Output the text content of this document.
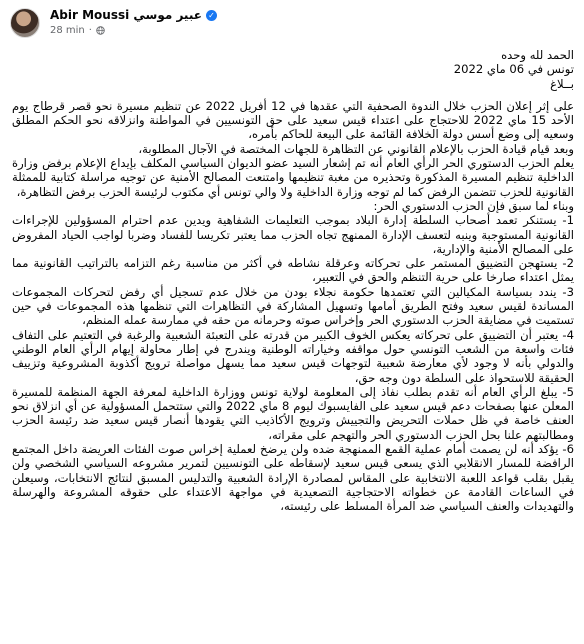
Abir Moussi عبير موسي ✓
28 min ·

الحمد لله وحده

تونس في 06 ماي 2022

بــلاغ

على إثر إعلان الحزب خلال الندوة الصحفية التي عقدها في 12 أفريل 2022 عن تنظيم مسيرة نحو قصر قرطاج يوم الأحد 15 ماي 2022 للاحتجاج على اعتداء قيس سعيد على حق التونسيين في المواطنة وانزلاقه نحو الحكم المطلق وسعيه إلى وضع أسس دولة الخلافة القائمة على البيعة للحاكم بأمره،

وبعد قيام قيادة الحزب بالإعلام القانوني عن التظاهرة للجهات المختصة في الآجال المطلوبة،

يعلم الحزب الدستوري الحر الرأي العام أنه تم إشعار السيد عضو الديوان السياسي المكلف بإيداع الإعلام برفض وزارة الداخلية تنظيم المسيرة المذكورة وتحذيره من مغبة تنظيمها وامتنعت المصالح الأمنية عن توجيه مراسلة كتابية للممثلة القانونية للحزب تتضمن الرفض كما لم توجه وزارة الداخلية ولا والي تونس أي مكتوب لرئيسة الحزب برفض التظاهرة،

وبناء لما سبق فإن الحزب الدستوري الحر:

1- يستنكر تعمد أصحاب السلطة إدارة البلاد بموجب التعليمات الشفاهية ويدين عدم احترام المسؤولين للإجراءات القانونية المستوجبة وينبه لتعسف الإدارة الممنهج تجاه الحزب مما يعتبر تكريسا للفساد وضربا لواجب الحياد المفروض على المصالح الأمنية والإدارية،

2- يستهجن التضييق المستمر على تحركاته وعرقلة نشاطه في أكثر من مناسبة رغم التزامه بالتراتيب القانونية مما يمثل اعتداء صارخا على حرية التنظم والحق في التعبير،

3- يندد بسياسة المكيالين التي تعتمدها حكومة نجلاء بودن من خلال عدم تسجيل أي رفض لتحركات المجموعات المساندة لقيس سعيد وفتح الطريق أمامها وتسهيل المشاركة في التظاهرات التي تنظمها هذه المجموعات في حين تستميت في مضايقة الحزب الدستوري الحر وإخراس صوته وحرمانه من حقه في ممارسة عمله المنظم،

4- يعتبر أن التضييق على تحركاته يعكس الخوف الكبير من قدرته على التعبئة الشعبية والرغبة في التعتيم على التفاف فئات واسعة من الشعب التونسي حول مواقفه وخياراته الوطنية ويندرج في إطار محاولة إيهام الرأي العام الوطني والدولي بأنه لا وجود لأي معارضة شعبية لتوجهات قيس سعيد مما يسهل مواصلة ترويج أكذوبة المشروعية وتزييف الحقيقة للاستحواذ على السلطة دون وجه حق،

5- يبلغ الرأي العام أنه تقدم بطلب نفاذ إلى المعلومة لولاية تونس ووزارة الداخلية لمعرفة الجهة المنظمة للمسيرة المعلن عنها بصفحات دعم قيس سعيد على الفايسبوك ليوم 8 ماي 2022 والتي ستتحمل المسؤولية عن أي انزلاق نحو العنف خاصة في ظل حملات التحريض والتجييش وترويج الأكاذيب التي يقودها أنصار قيس سعيد ضد رئيسة الحزب ومطالبتهم علنا بحل الحزب الدستوري الحر والتهجم على مقراته،

6- يؤكد أنه لن يصمت أمام عملية القمع الممنهجة ضده ولن يرضخ لعملية إخراس صوت الفئات العريضة داخل المجتمع الرافضة للمسار الانقلابي الذي يسعى قيس سعيد لإسقاطه على التونسيين لتمرير مشروعه السياسي الشخصي ولن يقبل بقلب قواعد اللعبة الانتخابية على المقاس لمصادرة الإرادة الشعبية والتدليس المسبق لنتائج الانتخابات، وسيعلن في الساعات القادمة عن خطواته الاحتجاجية التصعيدية في مواجهة الاعتداء على حقوقه المشروعة والهرسلة والتهديدات والعنف السياسي ضد المرأة المسلط على رئيسته،
